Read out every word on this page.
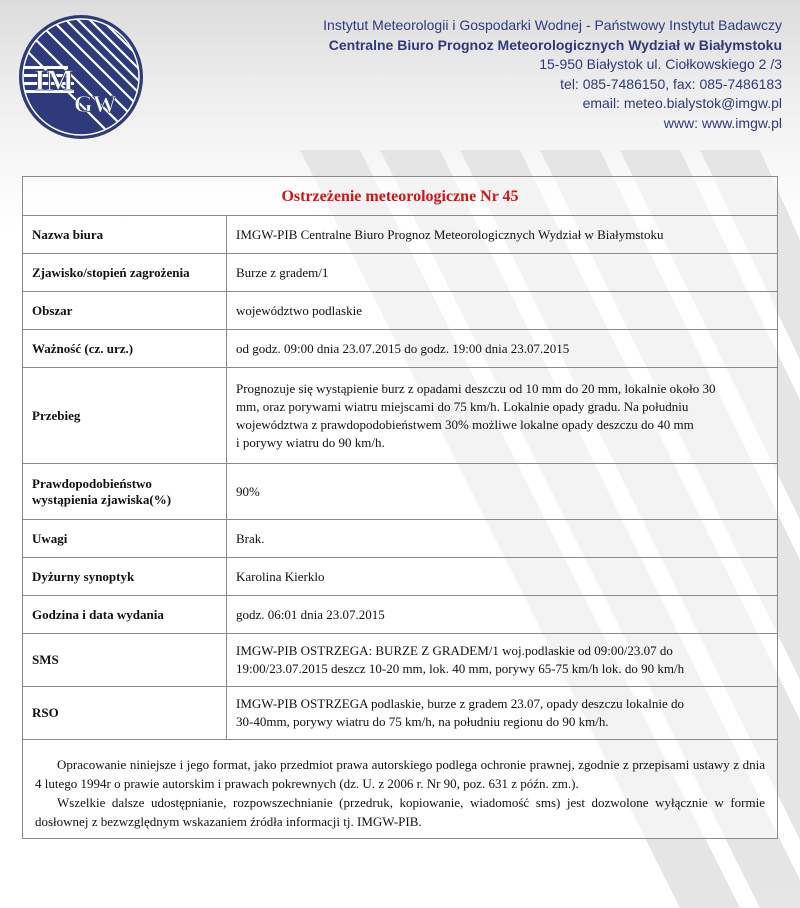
IM
GW
Instytut Meteorologii i Gospodarki Wodnej - Państwowy Instytut Badawczy
Centralne Biuro Prognoz Meteorologicznych Wydział w Białymstoku
15-950 Białystok ul. Ciołkowskiego 2 /3
tel: 085-7486150, fax: 085-7486183
email: meteo.bialystok@imgw.pl
www: www.imgw.pl
Ostrzeżenie meteorologiczne Nr 45
Nazwa biura	IMGW-PIB Centralne Biuro Prognoz Meteorologicznych Wydział w Białymstoku
Zjawisko/stopień zagrożenia	Burze z gradem/1
Obszar	województwo podlaskie
Ważność (cz. urz.)	od godz. 09:00 dnia 23.07.2015 do godz. 19:00 dnia 23.07.2015
Przebieg	Prognozuje się wystąpienie burz z opadami deszczu od 10 mm do 20 mm, lokalnie około 30
mm, oraz porywami wiatru miejscami do 75 km/h. Lokalnie opady gradu. Na południu
województwa z prawdopodobieństwem 30% możliwe lokalne opady deszczu do 40 mm
i porywy wiatru do 90 km/h.

Prawdopodobieństwo
wystąpienia zjawiska(%)	90%
Uwagi	Brak.
Dyżurny synoptyk	Karolina Kierklo
Godzina i data wydania	godz. 06:01 dnia 23.07.2015
SMS	IMGW-PIB OSTRZEGA: BURZE Z GRADEM/1 woj.podlaskie od 09:00/23.07 do
19:00/23.07.2015 deszcz 10-20 mm, lok. 40 mm, porywy 65-75 km/h lok. do 90 km/h

RSO	IMGW-PIB OSTRZEGA podlaskie, burze z gradem 23.07, opady deszczu lokalnie do
30-40mm, porywy wiatru do 75 km/h, na południu regionu do 90 km/h.

Opracowanie niniejsze i jego format, jako przedmiot prawa autorskiego podlega ochronie prawnej, zgodnie z przepisami ustawy z dnia 4 lutego 1994r o prawie autorskim i prawach pokrewnych (dz. U. z 2006 r. Nr 90, poz. 631 z późn. zm.).

Wszelkie dalsze udostępnianie, rozpowszechnianie (przedruk, kopiowanie, wiadomość sms) jest dozwolone wyłącznie w formie dosłownej z bezwzględnym wskazaniem źródła informacji tj. IMGW-PIB.
